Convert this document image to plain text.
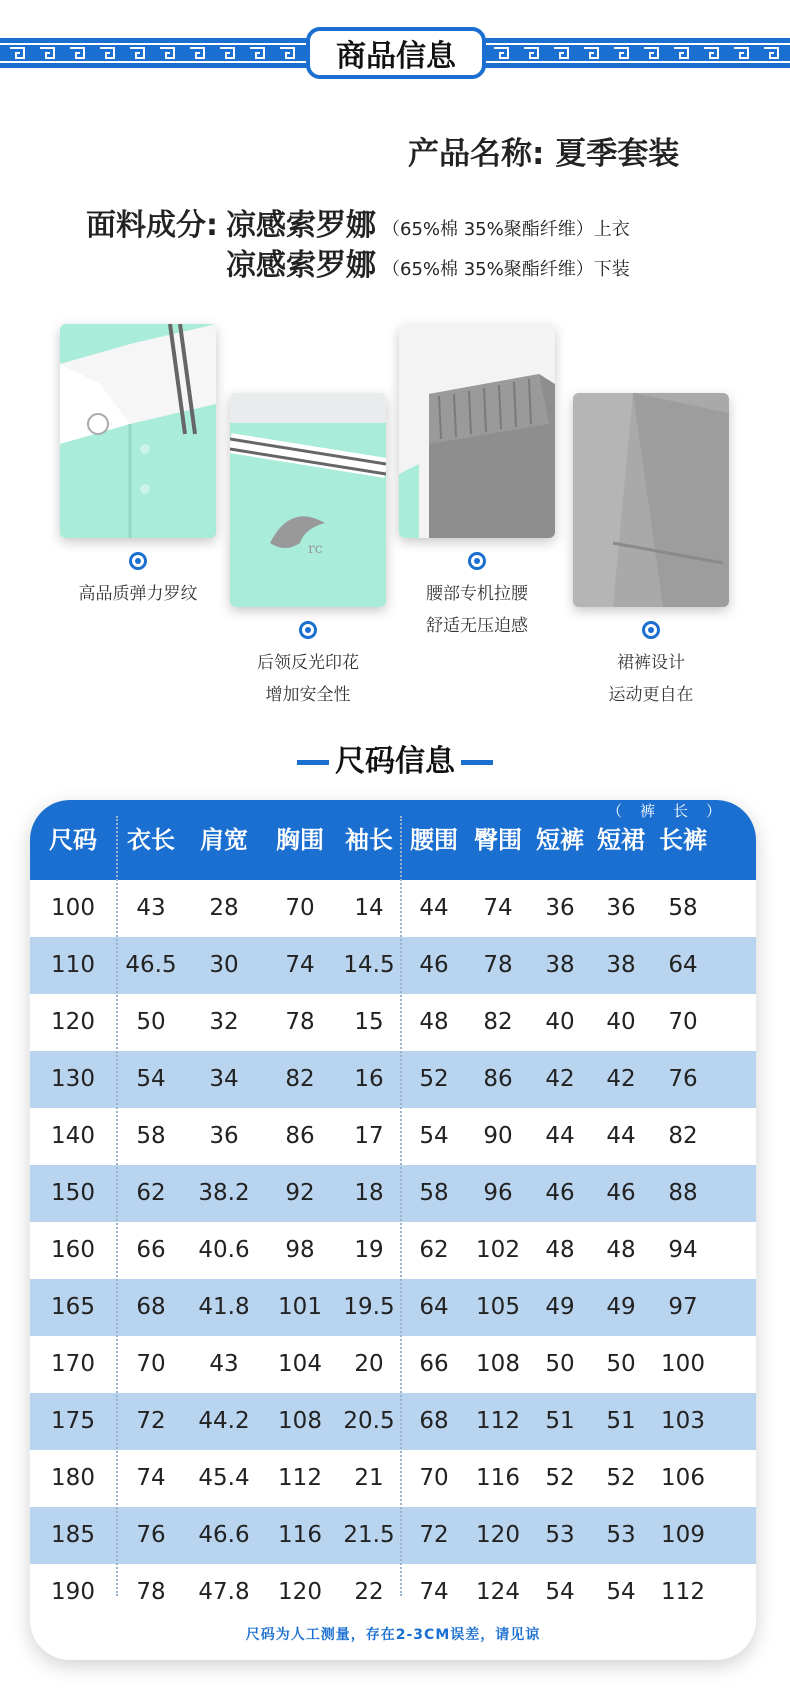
商品信息
产品名称: 夏季套装
面料成分: 凉感索罗娜 （65%棉 35%聚酯纤维）上衣
凉感索罗娜 （65%棉 35%聚酯纤维）下装
高品质弹力罗纹
rc
后领反光印花
增加安全性
腰部专机拉腰
舒适无压迫感
裙裤设计
运动更自在
尺码信息
（裤长）
尺码	衣长	肩宽	胸围 袖长 腰围 臀围 短裤 短裙 长裤
100	43	28	70	14	44	74	36	36	58
110	46.5	30	74	14.5	46	78	38	38	64
120	50	32	78	15	48	82	40	40	70
130	54	34	82	16	52	86	42	42	76
140	58	36	86	17	54	90	44	44	82
150	62	38.2	92	18	58	96	46	46	88
160	66	40.6	98	19	62	102	48	48	94
165	68	41.8	101 19.5	64	105	49	49	97
170	70	43	104	20	66	108	50	50	100
175	72	44.2	108 20.5	68	112	51	51	103
180	74	45.4	112	21	70	116	52	52	106
185	76	46.6	116 21.5	72	120	53	53	109
190	78	47.8	120	22	74	124	54	54	112
尺码为人工测量，存在2-3CM误差，请见谅
